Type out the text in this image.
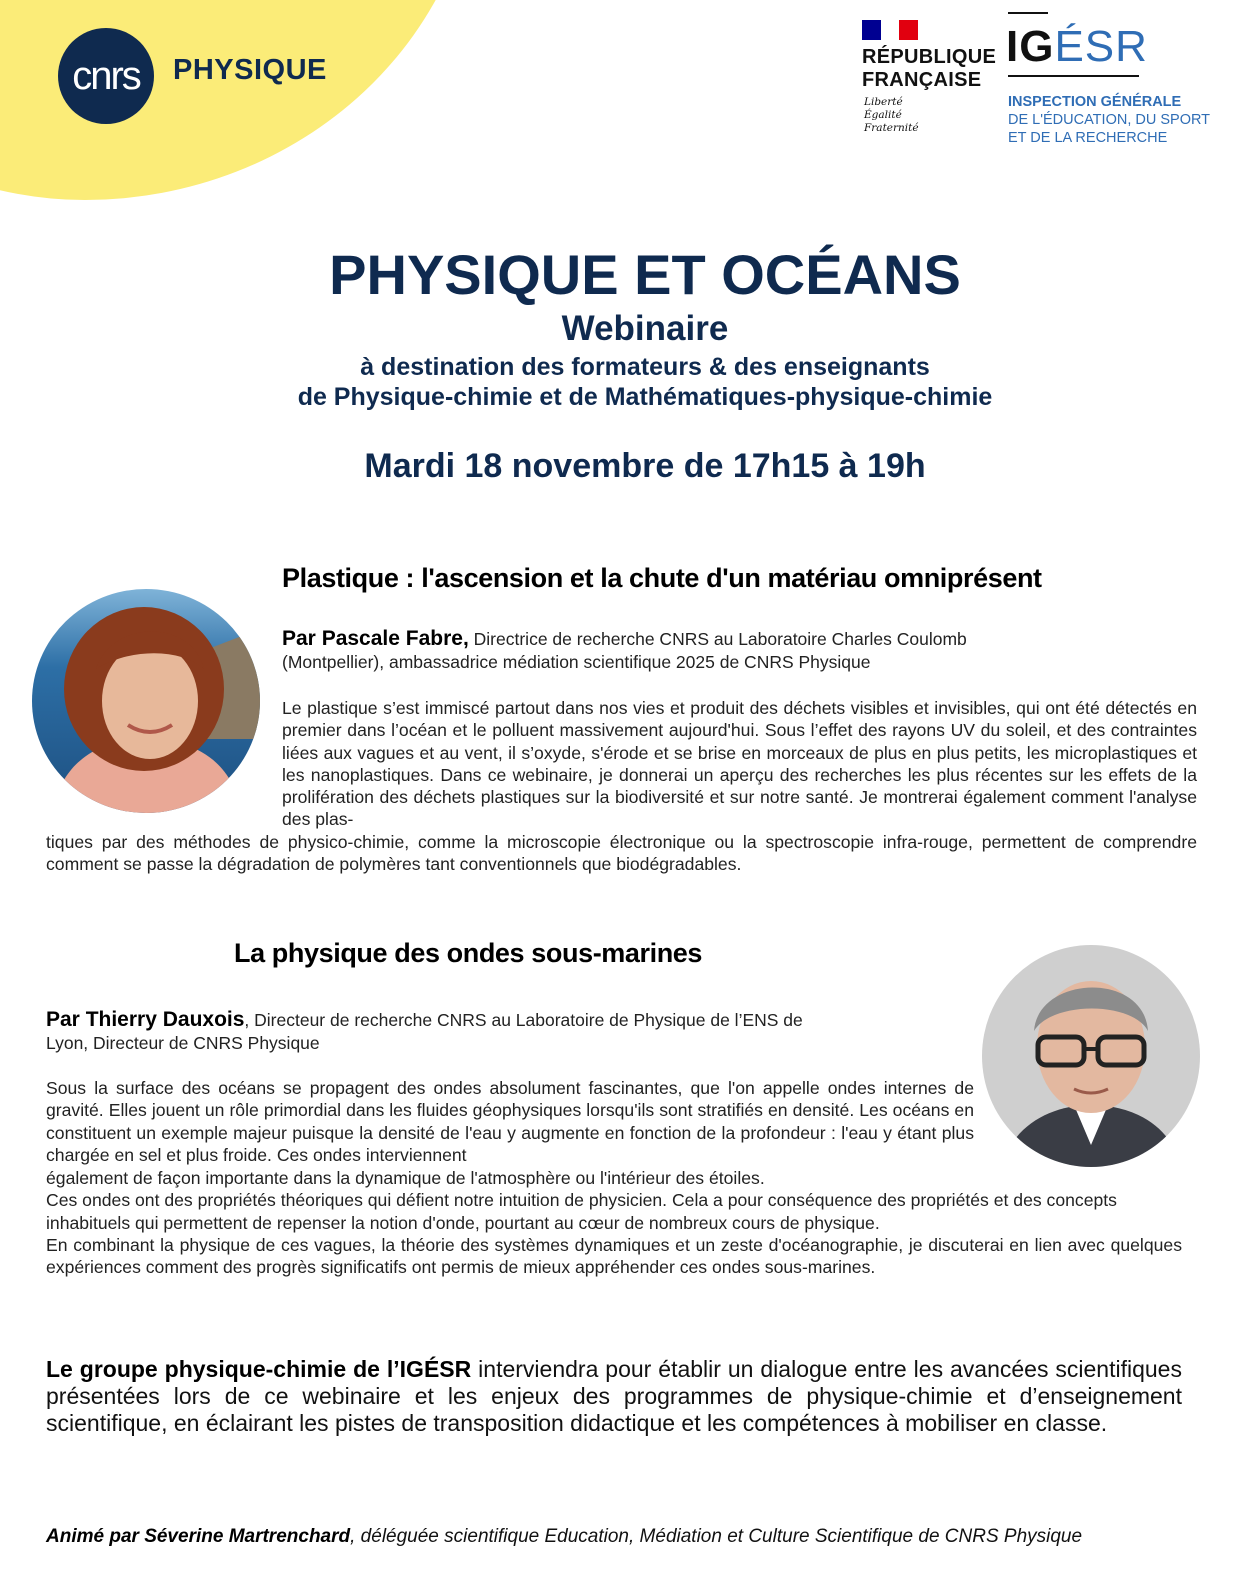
cnrs PHYSIQUE	RÉPUBLIQUE
FRANÇAISE
Liberté
Égalité
Fraternité
IGÉSR
INSPECTION GÉNÉRALE
DE L'ÉDUCATION, DU SPORT
ET DE LA RECHERCHE
PHYSIQUE ET OCÉANS
Webinaire
à destination des formateurs & des enseignants
de Physique-chimie et de Mathématiques-physique-chimie
Mardi 18 novembre de 17h15 à 19h
Plastique : l'ascension et la chute d'un matériau omniprésent
Par Pascale Fabre, Directrice de recherche CNRS au Laboratoire Charles Coulomb
(Montpellier), ambassadrice médiation scientifique 2025 de CNRS Physique

Le plastique s’est immiscé partout dans nos vies et produit des déchets visibles et invisibles, qui ont été détectés en premier dans l’océan et le polluent massivement aujourd'hui. Sous l’effet des rayons UV du soleil, et des contraintes liées aux vagues et au vent, il s’oxyde, s'érode et se brise en morceaux de plus en plus petits, les microplastiques et les nanoplastiques. Dans ce webinaire, je donnerai un aperçu des recherches les plus récentes sur les effets de la prolifération des déchets plastiques sur la biodiversité et sur notre santé. Je montrerai également comment l'analyse des plas-

tiques par des méthodes de physico-chimie, comme la microscopie électronique ou la spectroscopie infra-rouge, permettent de comprendre comment se passe la dégradation de polymères tant conventionnels que biodégradables.

La physique des ondes sous-marines
Par Thierry Dauxois, Directeur de recherche CNRS au Laboratoire de Physique de l’ENS de
Lyon, Directeur de CNRS Physique

Sous la surface des océans se propagent des ondes absolument fascinantes, que l'on appelle ondes internes de gravité. Elles jouent un rôle primordial dans les fluides géophysiques lorsqu'ils sont stratifiés en densité. Les océans en constituent un exemple majeur puisque la densité de l'eau y augmente en fonction de la profondeur : l'eau y étant plus chargée en sel et plus froide. Ces ondes interviennent

également de façon importante dans la dynamique de l'atmosphère ou l'intérieur des étoiles.

Ces ondes ont des propriétés théoriques qui défient notre intuition de physicien. Cela a pour conséquence des propriétés et des concepts inhabituels qui permettent de repenser la notion d'onde, pourtant au cœur de nombreux cours de physique.

En combinant la physique de ces vagues, la théorie des systèmes dynamiques et un zeste d'océanographie, je discuterai en lien avec quelques expériences comment des progrès significatifs ont permis de mieux appréhender ces ondes sous-marines.

Le groupe physique-chimie de l’IGÉSR interviendra pour établir un dialogue entre les avancées scientifiques présentées lors de ce webinaire et les enjeux des programmes de physique-chimie et d’enseignement scientifique, en éclairant les pistes de transposition didactique et les compétences à mobiliser en classe.
Animé par Séverine Martrenchard, déléguée scientifique Education, Médiation et Culture Scientifique de CNRS Physique
